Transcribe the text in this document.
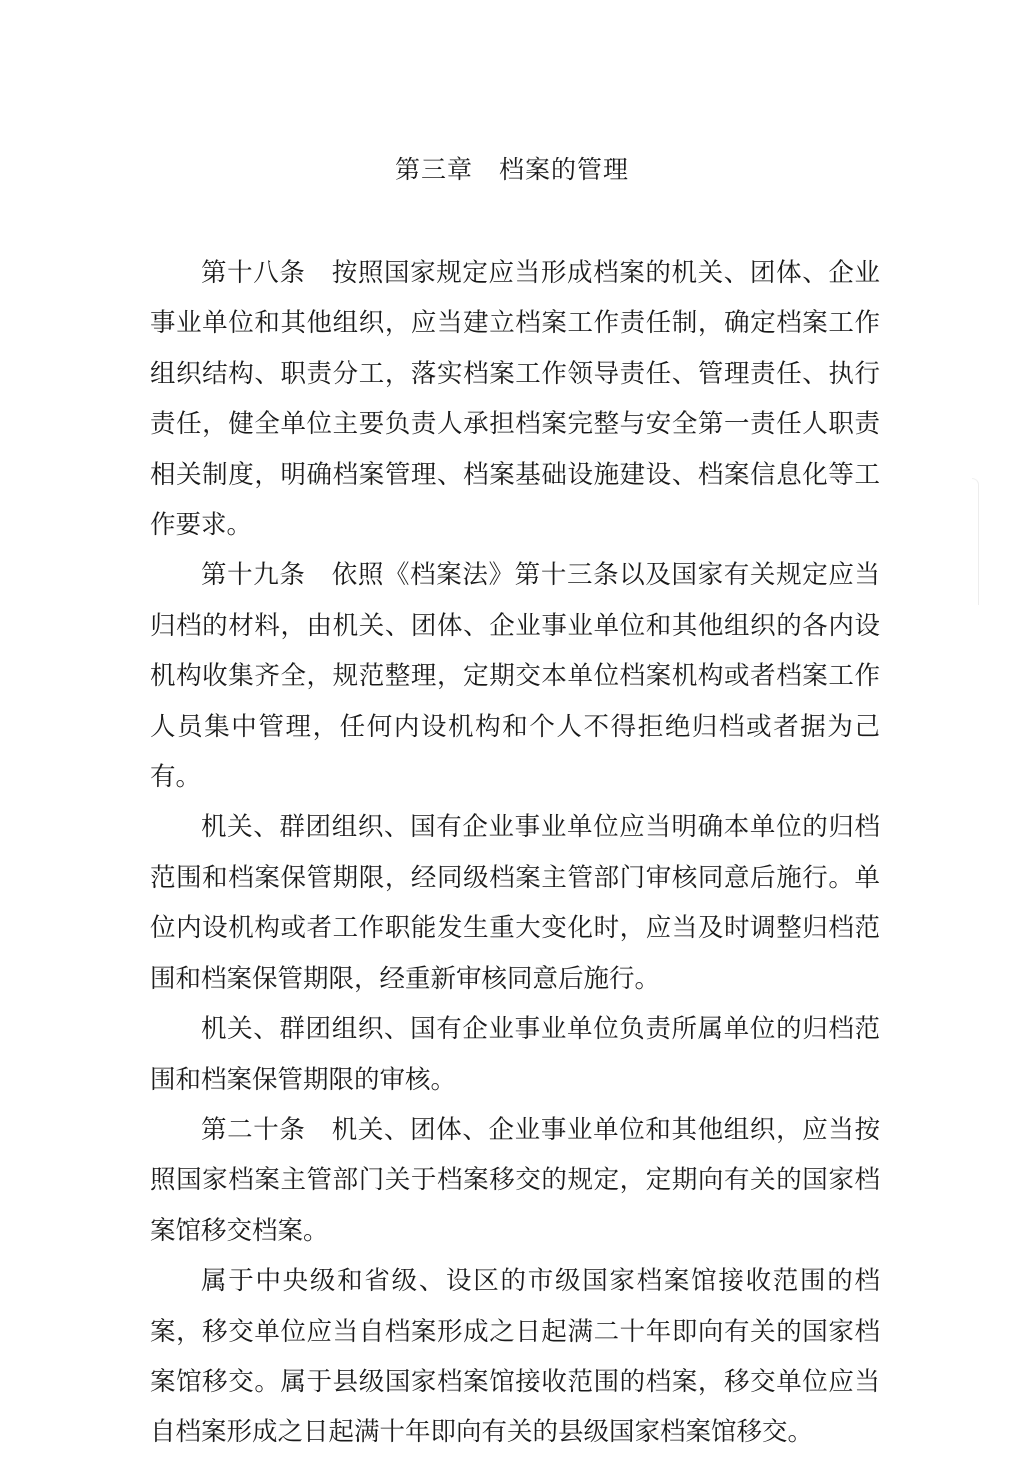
第三章　档案的管理

第十八条　按照国家规定应当形成档案的机关、团体、企业事业单位和其他组织，应当建立档案工作责任制，确定档案工作组织结构、职责分工，落实档案工作领导责任、管理责任、执行责任，健全单位主要负责人承担档案完整与安全第一责任人职责相关制度，明确档案管理、档案基础设施建设、档案信息化等工作要求。

第十九条　依照《档案法》第十三条以及国家有关规定应当归档的材料，由机关、团体、企业事业单位和其他组织的各内设机构收集齐全，规范整理，定期交本单位档案机构或者档案工作人员集中管理，任何内设机构和个人不得拒绝归档或者据为己有。

机关、群团组织、国有企业事业单位应当明确本单位的归档范围和档案保管期限，经同级档案主管部门审核同意后施行。单位内设机构或者工作职能发生重大变化时，应当及时调整归档范围和档案保管期限，经重新审核同意后施行。

机关、群团组织、国有企业事业单位负责所属单位的归档范围和档案保管期限的审核。

第二十条　机关、团体、企业事业单位和其他组织，应当按照国家档案主管部门关于档案移交的规定，定期向有关的国家档案馆移交档案。

属于中央级和省级、设区的市级国家档案馆接收范围的档案，移交单位应当自档案形成之日起满二十年即向有关的国家档案馆移交。属于县级国家档案馆接收范围的档案，移交单位应当自档案形成之日起满十年即向有关的县级国家档案馆移交。
